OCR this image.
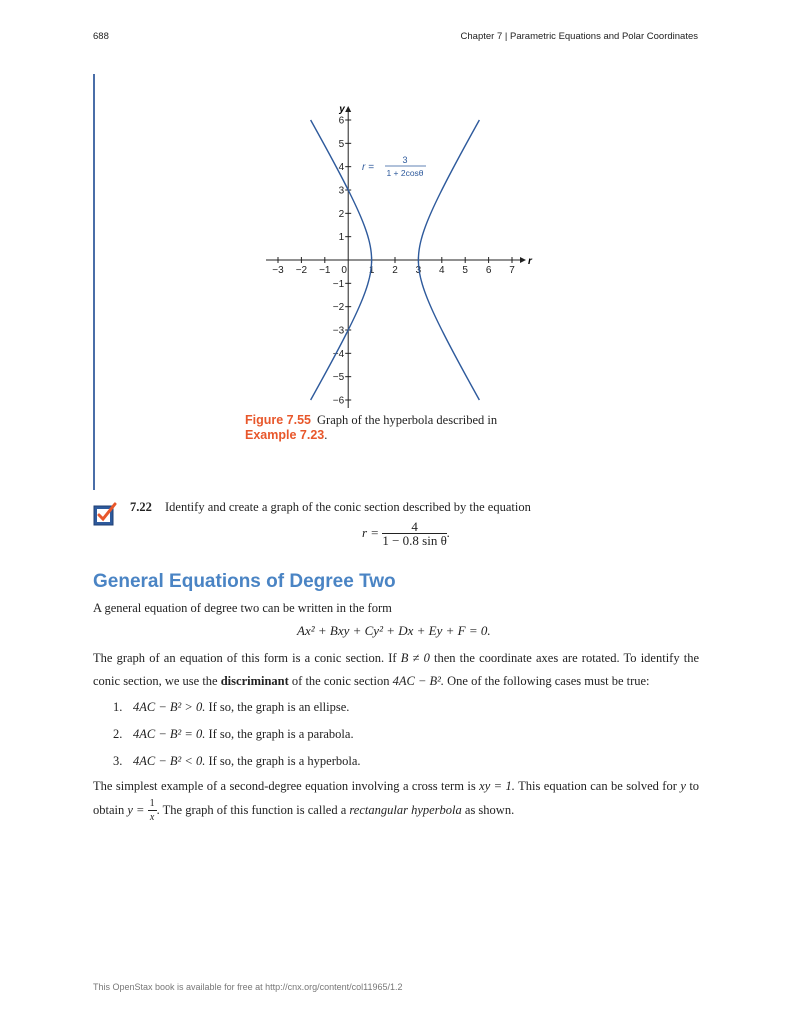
688	Chapter 7 | Parametric Equations and Polar Coordinates
−3 −2 −1 0 1 2 3 4 5 6 7
6
5
4
3
2
1
−1
−2
−3
−4
−5
−6
r
y
r =
3
1 + 2cosθ
Figure 7.55 Graph of the hyperbola described in Example 7.23.
7.22 Identify and create a graph of the conic section described by the equation
$r = \frac{4}{\text{1 − 0.8 sin θ}}$ .
General Equations of Degree Two
A general equation of degree two can be written in the form
Ax² + Bxy + Cy² + Dx + Ey + F = 0.
The graph of an equation of this form is a conic section. If B ≠ 0 then the coordinate axes are rotated. To identify the conic section, we use the discriminant of the conic section 4AC − B². One of the following cases must be true:
1. 4AC − B² > 0. If so, the graph is an ellipse.
2. 4AC − B² = 0. If so, the graph is a parabola.
3. 4AC − B² < 0. If so, the graph is a hyperbola.
The simplest example of a second-degree equation involving a cross term is xy = 1. This equation can be solved for y to obtain $y = \frac{1}{x}$ . The graph of this function is called a rectangular hyperbola as shown.
This OpenStax book is available for free at http://cnx.org/content/col11965/1.2
